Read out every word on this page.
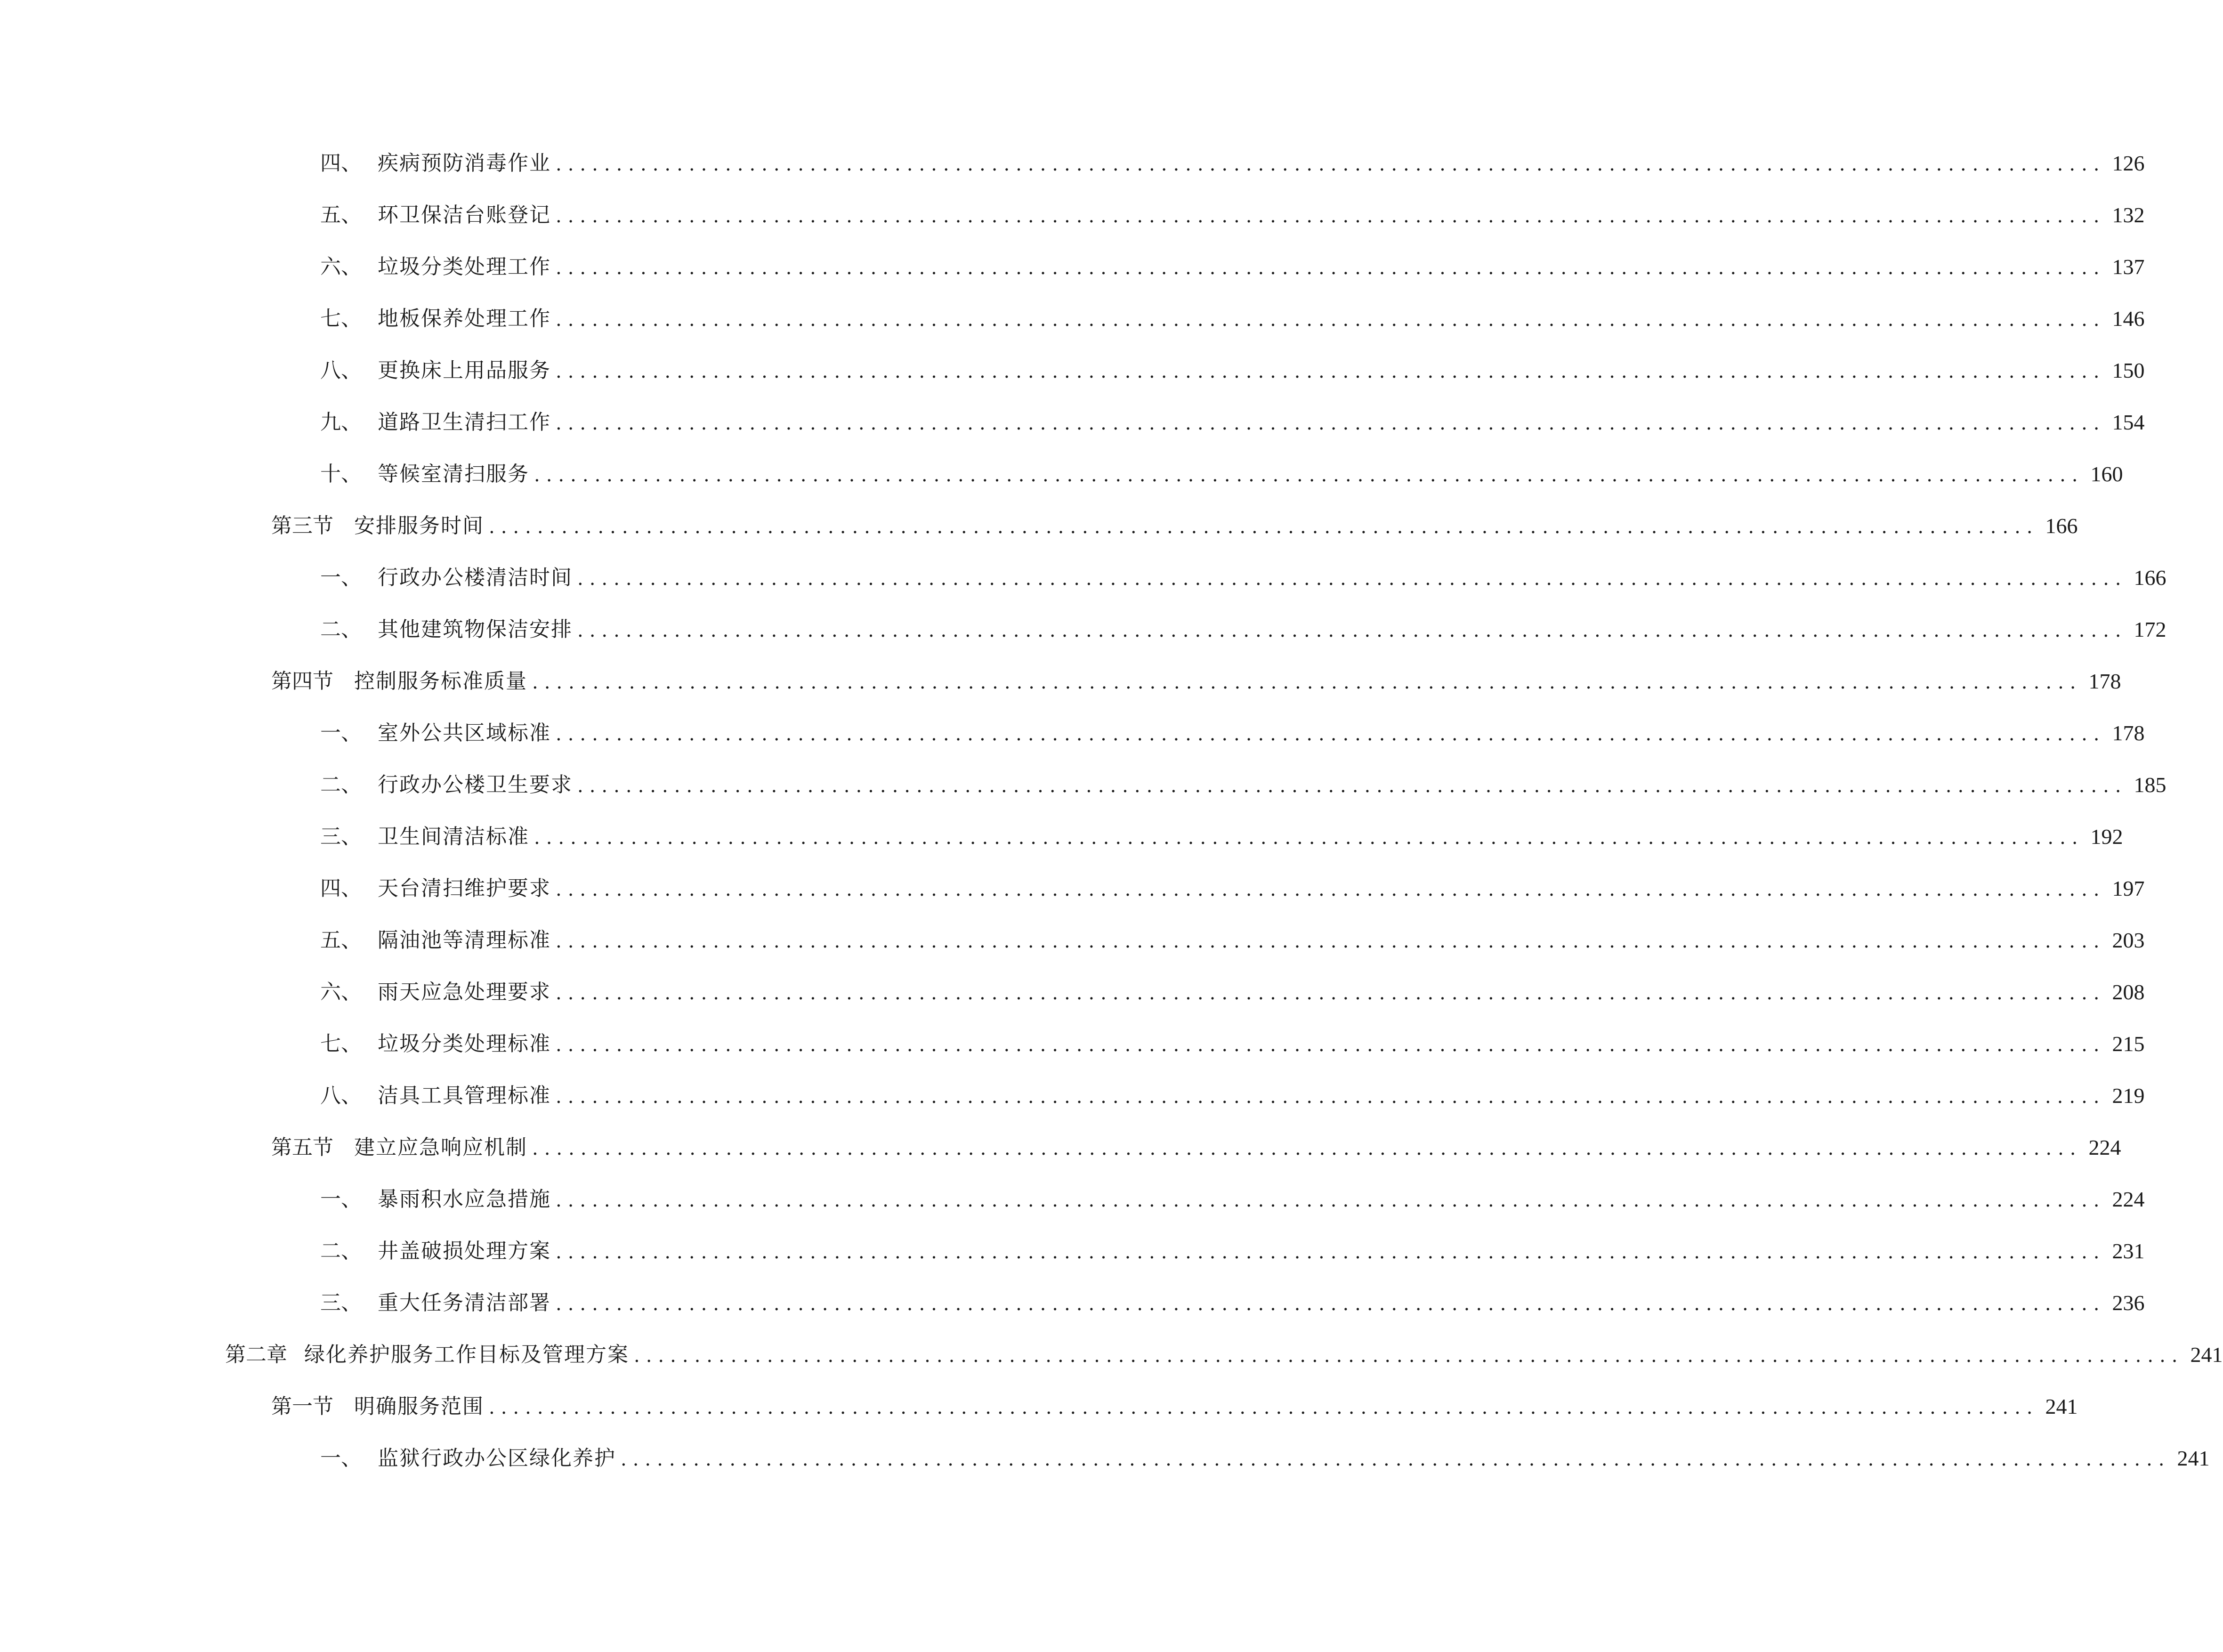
四、 疾病预防消毒作业 ................................................................................................................................ 126
五、 环卫保洁台账登记 ................................................................................................................................ 132
六、 垃圾分类处理工作 ................................................................................................................................ 137
七、 地板保养处理工作 ................................................................................................................................ 146
八、 更换床上用品服务 ................................................................................................................................ 150
九、 道路卫生清扫工作 ................................................................................................................................ 154
十、 等候室清扫服务 ................................................................................................................................ 160
第三节	安排服务时间 ................................................................................................................................ 166
一、 行政办公楼清洁时间 ................................................................................................................................ 166
二、 其他建筑物保洁安排 ................................................................................................................................ 172
第四节	控制服务标准质量 ................................................................................................................................ 178
一、 室外公共区域标准 ................................................................................................................................ 178
二、 行政办公楼卫生要求 ................................................................................................................................ 185
三、 卫生间清洁标准 ................................................................................................................................ 192
四、 天台清扫维护要求 ................................................................................................................................ 197
五、 隔油池等清理标准 ................................................................................................................................ 203
六、 雨天应急处理要求 ................................................................................................................................ 208
七、 垃圾分类处理标准 ................................................................................................................................ 215
八、 洁具工具管理标准 ................................................................................................................................ 219
第五节	建立应急响应机制 ................................................................................................................................ 224
一、 暴雨积水应急措施 ................................................................................................................................ 224
二、 井盖破损处理方案 ................................................................................................................................ 231
三、 重大任务清洁部署 ................................................................................................................................ 236
第二章 绿化养护服务工作目标及管理方案 ................................................................................................................................ 241
第一节	明确服务范围 ................................................................................................................................ 241
一、 监狱行政办公区绿化养护 ................................................................................................................................ 241
